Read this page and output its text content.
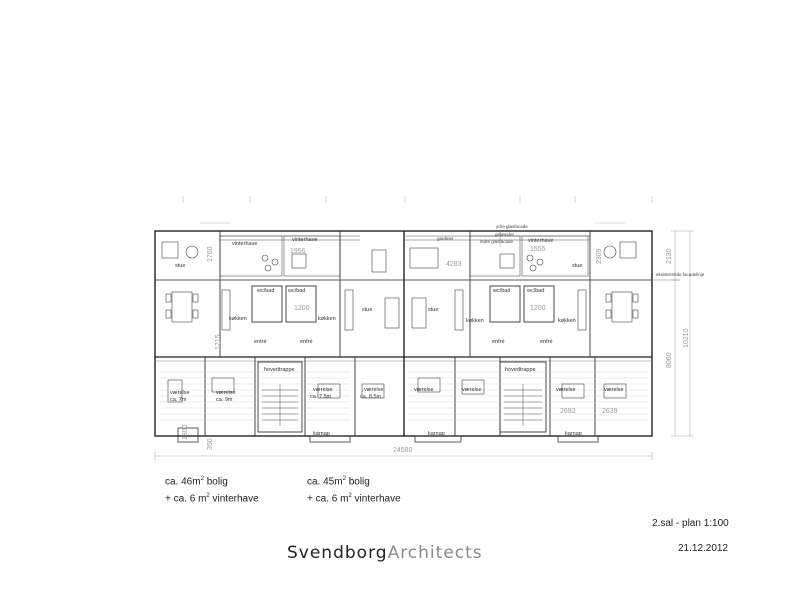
ydre glasfacade
gardiner
gelænder
indre glasfacade
eksisterende facadelinje
vinterhave
vinterhave	vinterhave
stue
stue	stue
stue
wc/bad wc/bad	wc/bad	wc/bad
køkken	køkken	køkken	køkken
entré	entré	entré	entré
hovedtrappe	hovedtrappe
værelse	værelse	værelse	værelse	værelse	værelse	værelse	værelse
ca. 7m	ca. 9m	ca. 7.5m	ca. 8.5m
karnap	karnap	karnap
24580
4283
1956	1555
1200	1200
2692	2639
1760	2309
1215
1800
350
2130
8060
10210
ca. $46m^2$ bolig
+ ca. 6 $m^2$ vinterhave
ca. $45m^2$ bolig
+ ca. 6 $m^2$ vinterhave
2.sal - plan 1:100
21.12.2012
SvendborgArchitects
